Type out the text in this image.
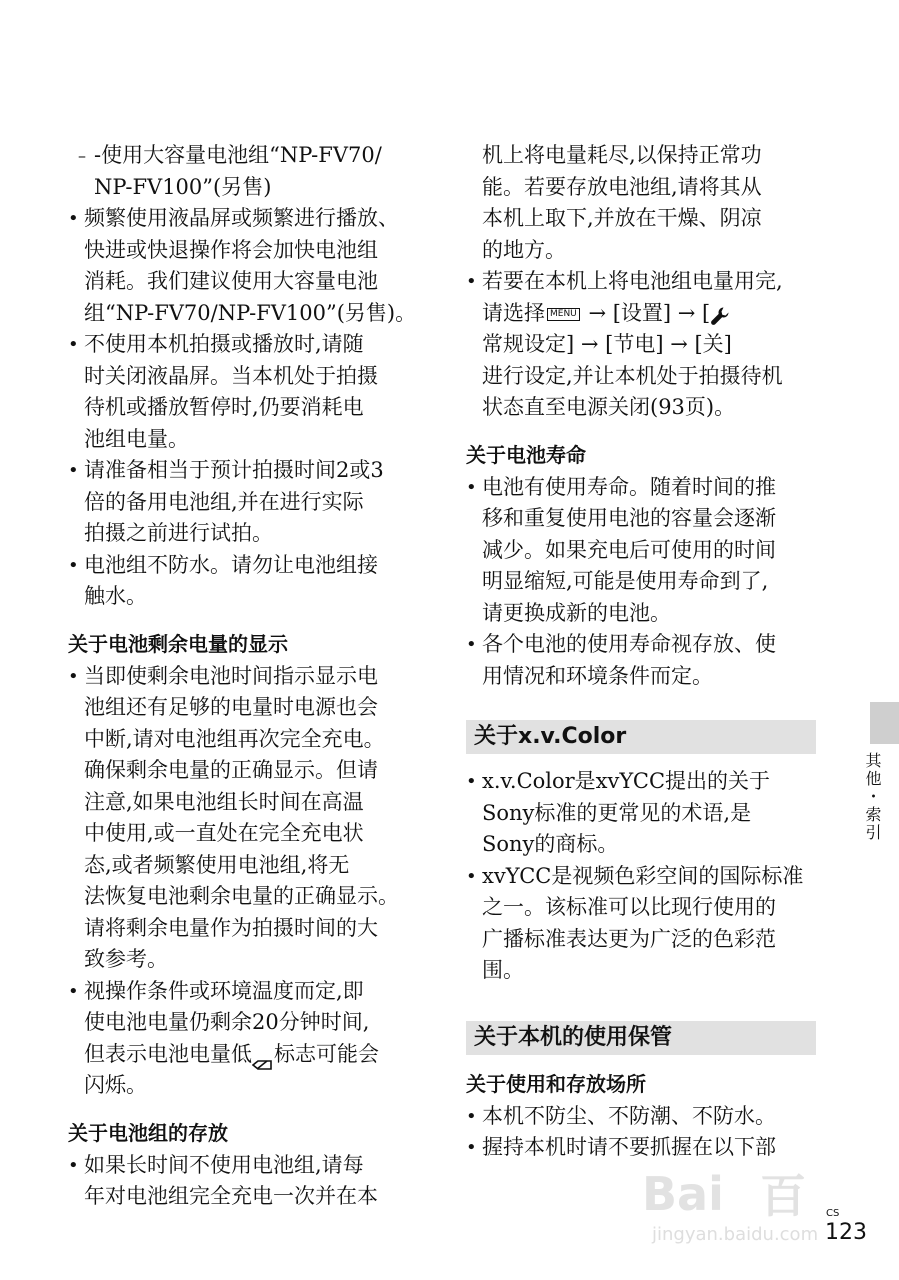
– -使用大容量电池组“NP-FV70/
NP-FV100”(另售)
• 频繁使用液晶屏或频繁进行播放、
快进或快退操作将会加快电池组
消耗。我们建议使用大容量电池
组“NP-FV70/NP-FV100”(另售)。
• 不使用本机拍摄或播放时,请随
时关闭液晶屏。当本机处于拍摄
待机或播放暂停时,仍要消耗电
池组电量。
• 请准备相当于预计拍摄时间2或3
倍的备用电池组,并在进行实际
拍摄之前进行试拍。
• 电池组不防水。请勿让电池组接
触水。
关于电池剩余电量的显示
• 当即使剩余电池时间指示显示电
池组还有足够的电量时电源也会
中断,请对电池组再次完全充电。
确保剩余电量的正确显示。但请
注意,如果电池组长时间在高温
中使用,或一直处在完全充电状
态,或者频繁使用电池组,将无
法恢复电池剩余电量的正确显示。
请将剩余电量作为拍摄时间的大
致参考。
• 视操作条件或环境温度而定,即
使电池电量仍剩余20分钟时间,
但表示电池电量低 标志可能会
闪烁。
关于电池组的存放
• 如果长时间不使用电池组,请每
年对电池组完全充电一次并在本
机上将电量耗尽,以保持正常功
能。若要存放电池组,请将其从
本机上取下,并放在干燥、阴凉
的地方。
• 若要在本机上将电池组电量用完,
请选择 MENU → [设置] → [
常规设定] → [节电] → [关]
进行设定,并让本机处于拍摄待机
状态直至电源关闭(93页)。
关于电池寿命
• 电池有使用寿命。随着时间的推
移和重复使用电池的容量会逐渐
减少。如果充电后可使用的时间
明显缩短,可能是使用寿命到了,
请更换成新的电池。
• 各个电池的使用寿命视存放、使
用情况和环境条件而定。
关于x.v.Color
• x.v.Color是xvYCC提出的关于
Sony标准的更常见的术语,是
Sony的商标。
• xvYCC是视频色彩空间的国际标准
之一。该标准可以比现行使用的
广播标准表达更为广泛的色彩范
围。
关于本机的使用保管
关于使用和存放场所
• 本机不防尘、不防潮、不防水。
• 握持本机时请不要抓握在以下部
其他・索引
CS
123
Bai 百
jingyan.baidu.com
